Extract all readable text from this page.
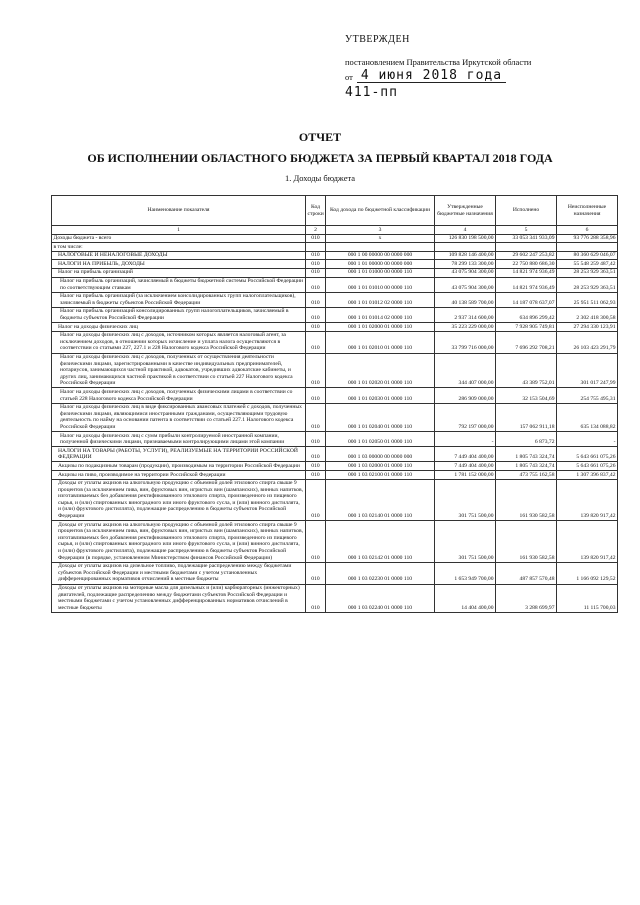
УТВЕРЖДЕН
постановлением Правительства Иркутской области
от 4 июня 2018 года
411-пп
ОТЧЕТ
ОБ ИСПОЛНЕНИИ ОБЛАСТНОГО БЮДЖЕТА ЗА ПЕРВЫЙ КВАРТАЛ 2018 ГОДА
1. Доходы бюджета
Наименование показателя	Код строки	Код дохода по бюджетной классификации	Утвержденные бюджетные назначения	Исполнено	Неисполненные назначения
1	2	3	4	5	6
Доходы бюджета - всего	010	x	126 830 198 500,00	33 053 341 933,09	93 776 288 358,96
в том числе:					
НАЛОГОВЫЕ И НЕНАЛОГОВЫЕ ДОХОДЫ	010	000 1 00 00000 00 0000 000	109 828 146 400,00	29 602 247 253,82	80 360 629 046,07
НАЛОГИ НА ПРИБЫЛЬ, ДОХОДЫ	010	000 1 01 00000 00 0000 000	78 299 133 300,00	22 750 880 686,30	55 548 259 487,42
Налог на прибыль организаций	010	000 1 01 01000 00 0000 110	43 075 904 300,00	14 821 974 936,49	28 253 929 363,51
Налог на прибыль организаций, зачисляемый в бюджеты бюджетной системы Российской Федерации по соответствующим ставкам	010	000 1 01 01010 00 0000 110	43 075 904 300,00	14 821 974 936,49	28 253 929 363,51
Налог на прибыль организаций (за исключением консолидированных групп налогоплательщиков), зачисляемый в бюджеты субъектов Российской Федерации	010	000 1 01 01012 02 0000 110	40 138 589 700,00	14 187 078 637,07	25 951 511 062,93
Налог на прибыль организаций консолидированных групп налогоплательщиков, зачисляемый в бюджеты субъектов Российской Федерации	010	000 1 01 01014 02 0000 110	2 937 314 600,00	634 896 299,42	2 302 418 300,58
Налог на доходы физических лиц	010	000 1 01 02000 01 0000 110	35 223 229 000,00	7 928 905 749,81	27 294 330 123,91
Налог на доходы физических лиц с доходов, источником которых является налоговый агент, за исключением доходов, в отношении которых исчисление и уплата налога осуществляются в соответствии со статьями 227, 227.1 и 228 Налогового кодекса Российской Федерации	010	000 1 01 02010 01 0000 110	33 799 716 000,00	7 696 292 708,21	26 103 423 291,79
Налог на доходы физических лиц с доходов, полученных от осуществления деятельности физическими лицами, зарегистрированными в качестве индивидуальных предпринимателей, нотариусов, занимающихся частной практикой, адвокатов, учредивших адвокатские кабинеты, и других лиц, занимающихся частной практикой в соответствии со статьей 227 Налогового кодекса Российской Федерации	010	000 1 01 02020 01 0000 110	344 407 000,00	43 389 752,01	301 017 247,99
Налог на доходы физических лиц с доходов, полученных физическими лицами в соответствии со статьей 228 Налогового кодекса Российской Федерации	010	000 1 01 02030 01 0000 110	286 909 000,00	32 153 504,69	254 755 495,31
Налог на доходы физических лиц в виде фиксированных авансовых платежей с доходов, полученных физическими лицами, являющимися иностранными гражданами, осуществляющими трудовую деятельность по найму на основании патента в соответствии со статьей 227.1 Налогового кодекса Российской Федерации	010	000 1 01 02040 01 0000 110	792 197 000,00	157 062 911,18	635 134 088,82
Налог на доходы физических лиц с сумм прибыли контролируемой иностранной компании, полученной физическими лицами, признаваемыми контролирующими лицами этой компании	010	000 1 01 02050 01 0000 110	-	6 873,72	-
НАЛОГИ НА ТОВАРЫ (РАБОТЫ, УСЛУГИ), РЕАЛИЗУЕМЫЕ НА ТЕРРИТОРИИ РОССИЙСКОЙ ФЕДЕРАЦИИ	010	000 1 03 00000 00 0000 000	7 449 404 400,00	1 805 743 324,74	5 643 661 075,26
Акцизы по подакцизным товарам (продукции), производимым на территории Российской Федерации	010	000 1 03 02000 01 0000 110	7 449 404 400,00	1 805 743 324,74	5 643 661 075,26
Акцизы на пиво, производимое на территории Российской Федерации	010	000 1 03 02100 01 0000 110	1 781 152 000,00	473 755 162,58	1 307 396 837,42
Доходы от уплаты акцизов на алкогольную продукцию с объемной долей этилового спирта свыше 9 процентов (за исключением пива, вин, фруктовых вин, игристых вин (шампанских), винных напитков, изготавливаемых без добавления ректификованного этилового спирта, произведенного из пищевого сырья, и (или) спиртованных виноградного или иного фруктового сусла, и (или) винного дистиллята, и (или) фруктового дистиллята), подлежащие распределению в бюджеты субъектов Российской Федерации	010	000 1 03 02140 01 0000 110	301 751 500,00	161 930 582,58	139 820 917,42
Доходы от уплаты акцизов на алкогольную продукцию с объемной долей этилового спирта свыше 9 процентов (за исключением пива, вин, фруктовых вин, игристых вин (шампанских), винных напитков, изготавливаемых без добавления ректификованного этилового спирта, произведенного из пищевого сырья, и (или) спиртованных виноградного или иного фруктового сусла, и (или) винного дистиллята, и (или) фруктового дистиллята), подлежащие распределению в бюджеты субъектов Российской Федерации (в порядке, установленном Министерством финансов Российской Федерации)	010	000 1 03 02142 01 0000 110	301 751 500,00	161 930 582,58	139 820 917,42
Доходы от уплаты акцизов на дизельное топливо, подлежащие распределению между бюджетами субъектов Российской Федерации и местными бюджетами с учетом установленных дифференцированных нормативов отчислений в местные бюджеты	010	000 1 03 02230 01 0000 110	1 653 949 700,00	487 857 570,48	1 166 092 129,52
Доходы от уплаты акцизов на моторные масла для дизельных и (или) карбюраторных (инжекторных) двигателей, подлежащие распределению между бюджетами субъектов Российской Федерации и местными бюджетами с учетом установленных дифференцированных нормативов отчислений в местные бюджеты	010	000 1 03 02240 01 0000 110	14 404 400,00	3 288 699,97	11 115 700,03
